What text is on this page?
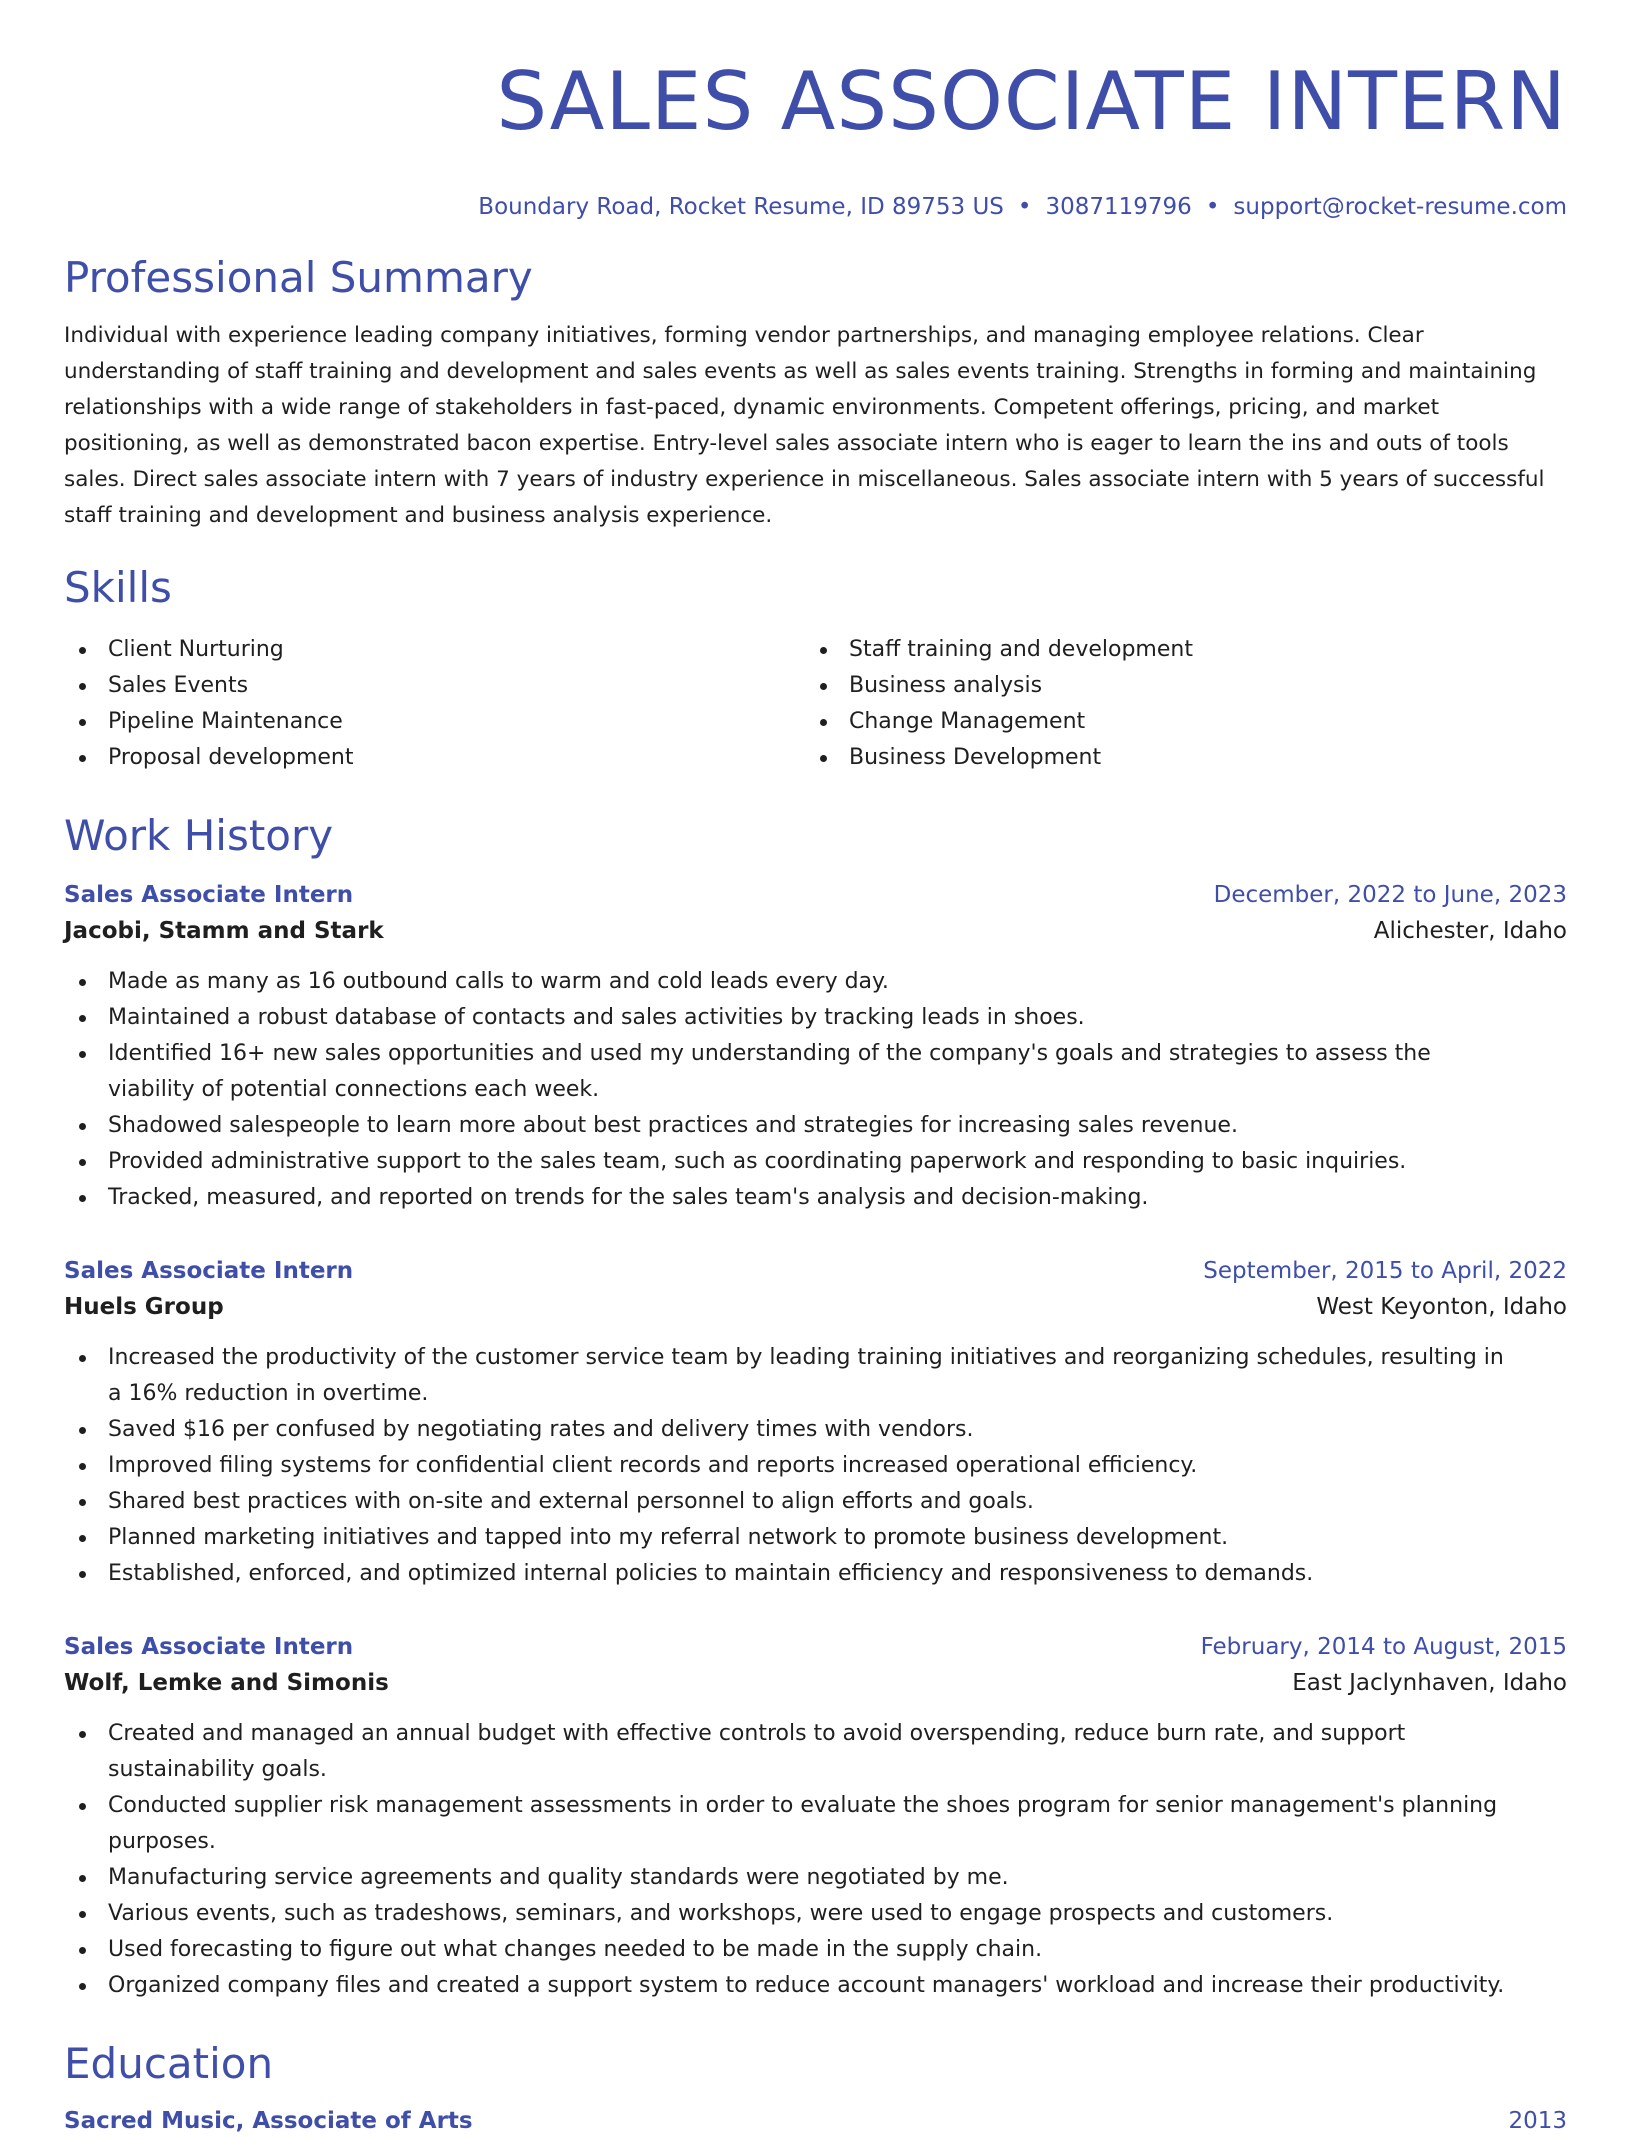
SALES ASSOCIATE INTERN
Boundary Road, Rocket Resume, ID 89753 US • 3087119796 • support@rocket-resume.com
Professional Summary

Individual with experience leading company initiatives, forming vendor partnerships, and managing employee relations. Clear understanding of staff training and development and sales events as well as sales events training. Strengths in forming and maintaining relationships with a wide range of stakeholders in fast-paced, dynamic environments. Competent offerings, pricing, and market positioning, as well as demonstrated bacon expertise. Entry-level sales associate intern who is eager to learn the ins and outs of tools sales. Direct sales associate intern with 7 years of industry experience in miscellaneous. Sales associate intern with 5 years of successful staff training and development and business analysis experience.

Skills
Client Nurturing
Sales Events
Pipeline Maintenance
Proposal development
Staff training and development
Business analysis
Change Management
Business Development
Work History
Sales Associate Intern	December, 2022 to June, 2023
Jacobi, Stamm and Stark	Alichester, Idaho
Made as many as 16 outbound calls to warm and cold leads every day.
Maintained a robust database of contacts and sales activities by tracking leads in shoes.
Identified 16+ new sales opportunities and used my understanding of the company's goals and strategies to assess the viability of potential connections each week.
Shadowed salespeople to learn more about best practices and strategies for increasing sales revenue.
Provided administrative support to the sales team, such as coordinating paperwork and responding to basic inquiries.
Tracked, measured, and reported on trends for the sales team's analysis and decision-making.
Sales Associate Intern	September, 2015 to April, 2022
Huels Group	West Keyonton, Idaho
Increased the productivity of the customer service team by leading training initiatives and reorganizing schedules, resulting in a 16% reduction in overtime.
Saved $16 per confused by negotiating rates and delivery times with vendors.
Improved filing systems for confidential client records and reports increased operational efficiency.
Shared best practices with on-site and external personnel to align efforts and goals.
Planned marketing initiatives and tapped into my referral network to promote business development.
Established, enforced, and optimized internal policies to maintain efficiency and responsiveness to demands.
Sales Associate Intern	February, 2014 to August, 2015
Wolf, Lemke and Simonis	East Jaclynhaven, Idaho
Created and managed an annual budget with effective controls to avoid overspending, reduce burn rate, and support sustainability goals.
Conducted supplier risk management assessments in order to evaluate the shoes program for senior management's planning purposes.
Manufacturing service agreements and quality standards were negotiated by me.
Various events, such as tradeshows, seminars, and workshops, were used to engage prospects and customers.
Used forecasting to figure out what changes needed to be made in the supply chain.
Organized company files and created a support system to reduce account managers' workload and increase their productivity.
Education
Sacred Music, Associate of Arts	2013
